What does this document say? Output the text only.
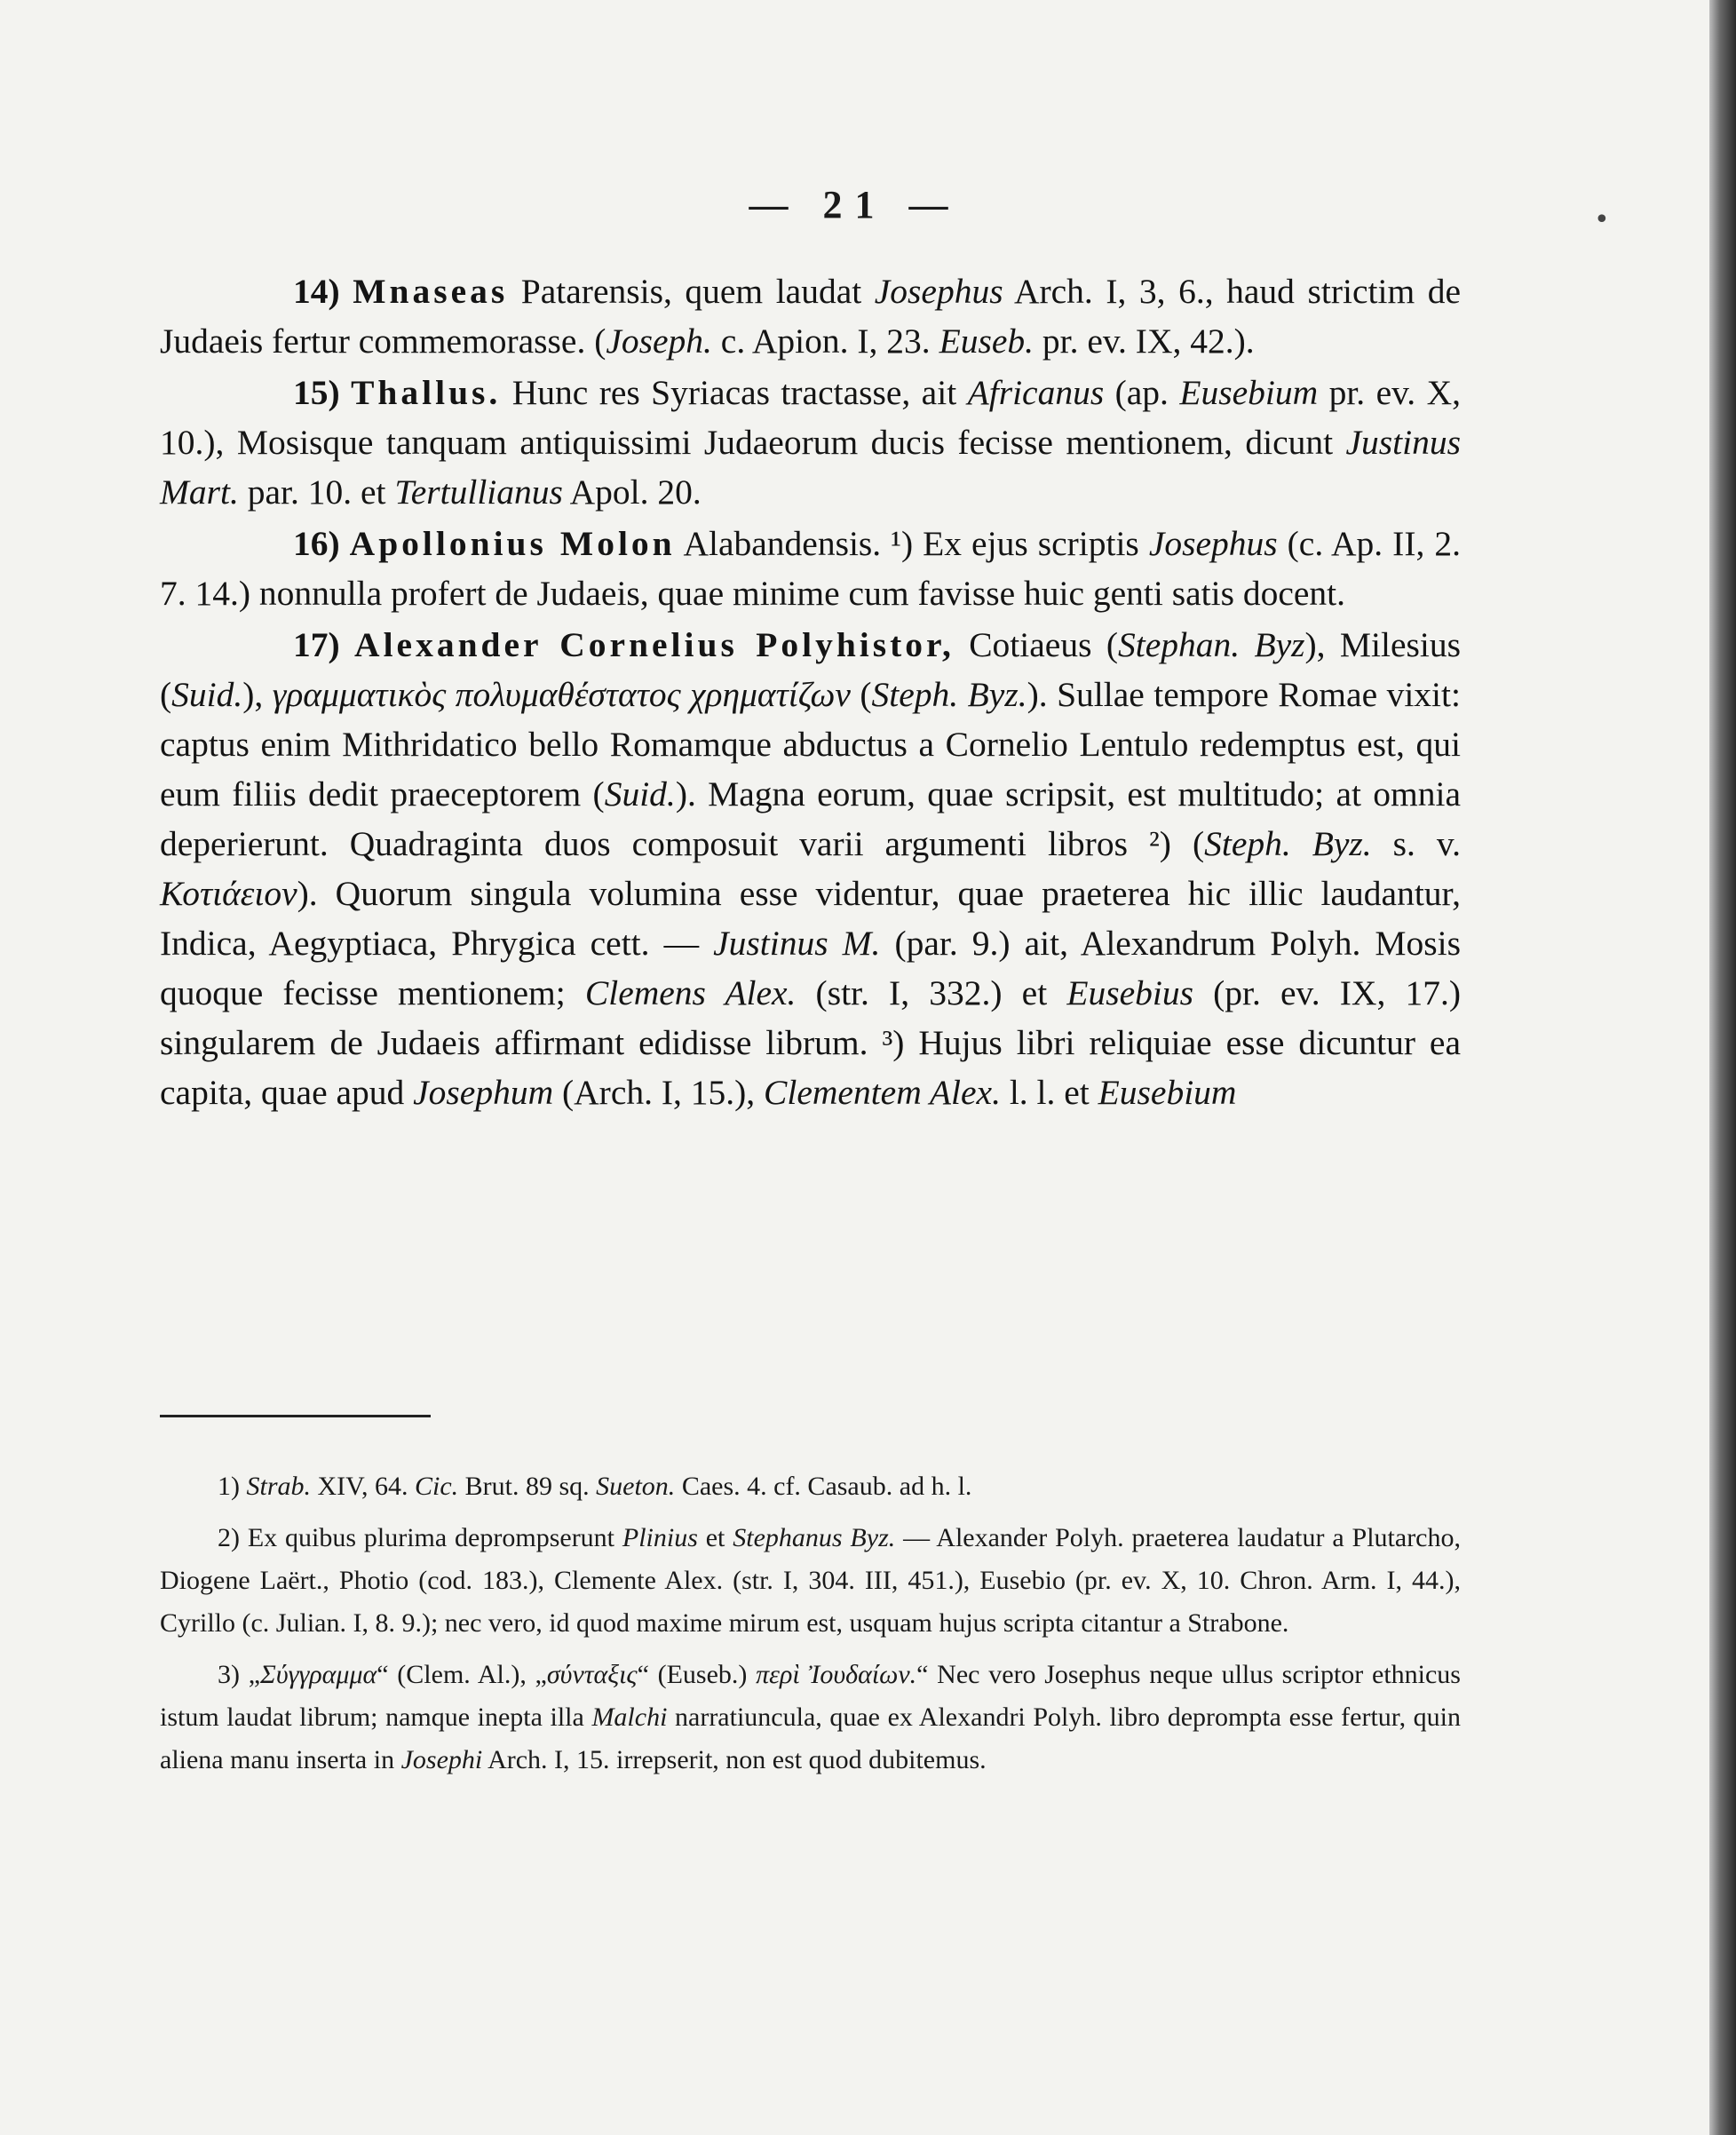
— 21 —

14) Mnaseas Patarensis, quem laudat Josephus Arch. I, 3, 6., haud strictim de Judaeis fertur commemorasse. (Joseph. c. Apion. I, 23. Euseb. pr. ev. IX, 42.).

15) Thallus. Hunc res Syriacas tractasse, ait Africanus (ap. Eusebium pr. ev. X, 10.), Mosisque tanquam antiquissimi Judaeorum ducis fecisse mentionem, dicunt Justinus Mart. par. 10. et Tertullianus Apol. 20.

16) Apollonius Molon Alabandensis. ¹) Ex ejus scriptis Josephus (c. Ap. II, 2. 7. 14.) nonnulla profert de Judaeis, quae minime cum favisse huic genti satis docent.

17) Alexander Cornelius Polyhistor, Cotiaeus (Stephan. Byz), Milesius (Suid.), γραμματικὸς πολυμαθέστατος χρηματίζων (Steph. Byz.). Sullae tempore Romae vixit: captus enim Mithridatico bello Romamque abductus a Cornelio Lentulo redemptus est, qui eum filiis dedit praeceptorem (Suid.). Magna eorum, quae scripsit, est multitudo; at omnia deperierunt. Quadraginta duos composuit varii argumenti libros ²) (Steph. Byz. s. v. Κοτιάειον). Quorum singula volumina esse videntur, quae praeterea hic illic laudantur, Indica, Aegyptiaca, Phrygica cett. — Justinus M. (par. 9.) ait, Alexandrum Polyh. Mosis quoque fecisse mentionem; Clemens Alex. (str. I, 332.) et Eusebius (pr. ev. IX, 17.) singularem de Judaeis affirmant edidisse librum. ³) Hujus libri reliquiae esse dicuntur ea capita, quae apud Josephum (Arch. I, 15.), Clementem Alex. l. l. et Eusebium

1) Strab. XIV, 64. Cic. Brut. 89 sq. Sueton. Caes. 4. cf. Casaub. ad h. l.

2) Ex quibus plurima deprompserunt Plinius et Stephanus Byz. — Alexander Polyh. praeterea laudatur a Plutarcho, Diogene Laërt., Photio (cod. 183.), Clemente Alex. (str. I, 304. III, 451.), Eusebio (pr. ev. X, 10. Chron. Arm. I, 44.), Cyrillo (c. Julian. I, 8. 9.); nec vero, id quod maxime mirum est, usquam hujus scripta citantur a Strabone.

3) „Σύγγραμμα“ (Clem. Al.), „σύνταξις“ (Euseb.) περὶ Ἰουδαίων.“ Nec vero Josephus neque ullus scriptor ethnicus istum laudat librum; namque inepta illa Malchi narratiuncula, quae ex Alexandri Polyh. libro deprompta esse fertur, quin aliena manu inserta in Josephi Arch. I, 15. irrepserit, non est quod dubitemus.

•
